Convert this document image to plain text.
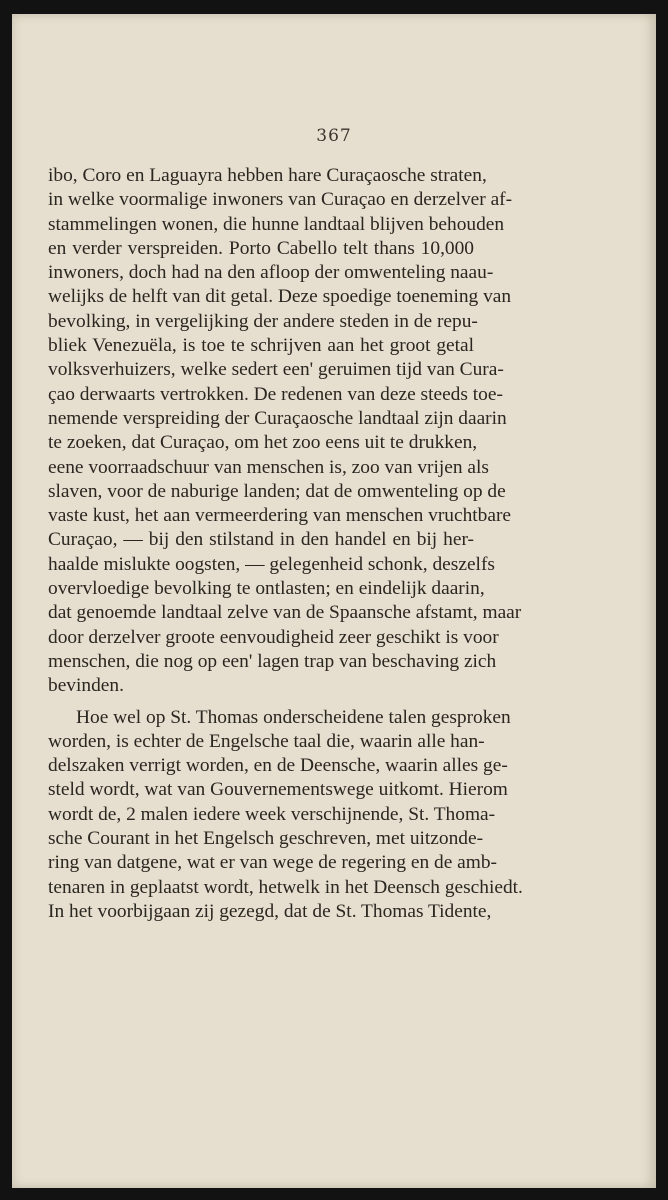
367
ibo, Coro en Laguayra hebben hare Curaçaosche straten,
in welke voormalige inwoners van Curaçao en derzelver af-
stammelingen wonen, die hunne landtaal blijven behouden
en verder verspreiden. Porto Cabello telt thans 10,000
inwoners, doch had na den afloop der omwenteling naau-
welijks de helft van dit getal. Deze spoedige toeneming van
bevolking, in vergelijking der andere steden in de repu-
bliek Venezuëla, is toe te schrijven aan het groot getal
volksverhuizers, welke sedert een' geruimen tijd van Cura-
çao derwaarts vertrokken. De redenen van deze steeds toe-
nemende verspreiding der Curaçaosche landtaal zijn daarin
te zoeken, dat Curaçao, om het zoo eens uit te drukken,
eene voorraadschuur van menschen is, zoo van vrijen als
slaven, voor de naburige landen; dat de omwenteling op de
vaste kust, het aan vermeerdering van menschen vruchtbare
Curaçao, — bij den stilstand in den handel en bij her-
haalde mislukte oogsten, — gelegenheid schonk, deszelfs
overvloedige bevolking te ontlasten; en eindelijk daarin,
dat genoemde landtaal zelve van de Spaansche afstamt, maar
door derzelver groote eenvoudigheid zeer geschikt is voor
menschen, die nog op een' lagen trap van beschaving zich
bevinden.
Hoe wel op St. Thomas onderscheidene talen gesproken
worden, is echter de Engelsche taal die, waarin alle han-
delszaken verrigt worden, en de Deensche, waarin alles ge-
steld wordt, wat van Gouvernementswege uitkomt. Hierom
wordt de, 2 malen iedere week verschijnende, St. Thoma-
sche Courant in het Engelsch geschreven, met uitzonde-
ring van datgene, wat er van wege de regering en de amb-
tenaren in geplaatst wordt, hetwelk in het Deensch geschiedt.
In het voorbijgaan zij gezegd, dat de St. Thomas Tidente,
